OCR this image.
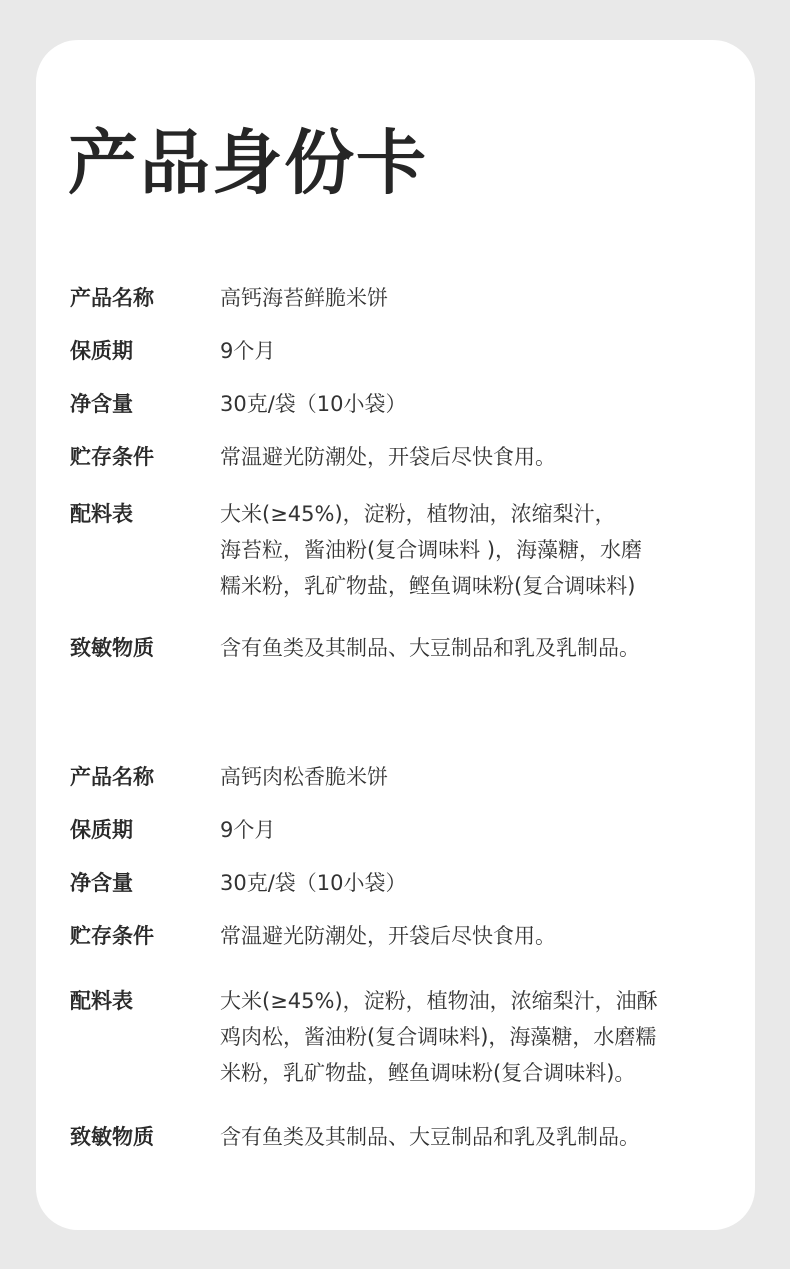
产品身份卡
产品名称	高钙海苔鲜脆米饼
保质期	9个月
净含量	30克/袋（10小袋）
贮存条件	常温避光防潮处，开袋后尽快食用。
配料表	大米(≥45%)，淀粉，植物油，浓缩梨汁，
海苔粒，酱油粉(复合调味料 )，海藻糖，水磨
糯米粉，乳矿物盐，鲣鱼调味粉(复合调味料)
致敏物质	含有鱼类及其制品、大豆制品和乳及乳制品。
产品名称	高钙肉松香脆米饼
保质期	9个月
净含量	30克/袋（10小袋）
贮存条件	常温避光防潮处，开袋后尽快食用。
配料表	大米(≥45%)，淀粉，植物油，浓缩梨汁，油酥
鸡肉松，酱油粉(复合调味料)，海藻糖，水磨糯
米粉，乳矿物盐，鲣鱼调味粉(复合调味料)。
致敏物质	含有鱼类及其制品、大豆制品和乳及乳制品。
